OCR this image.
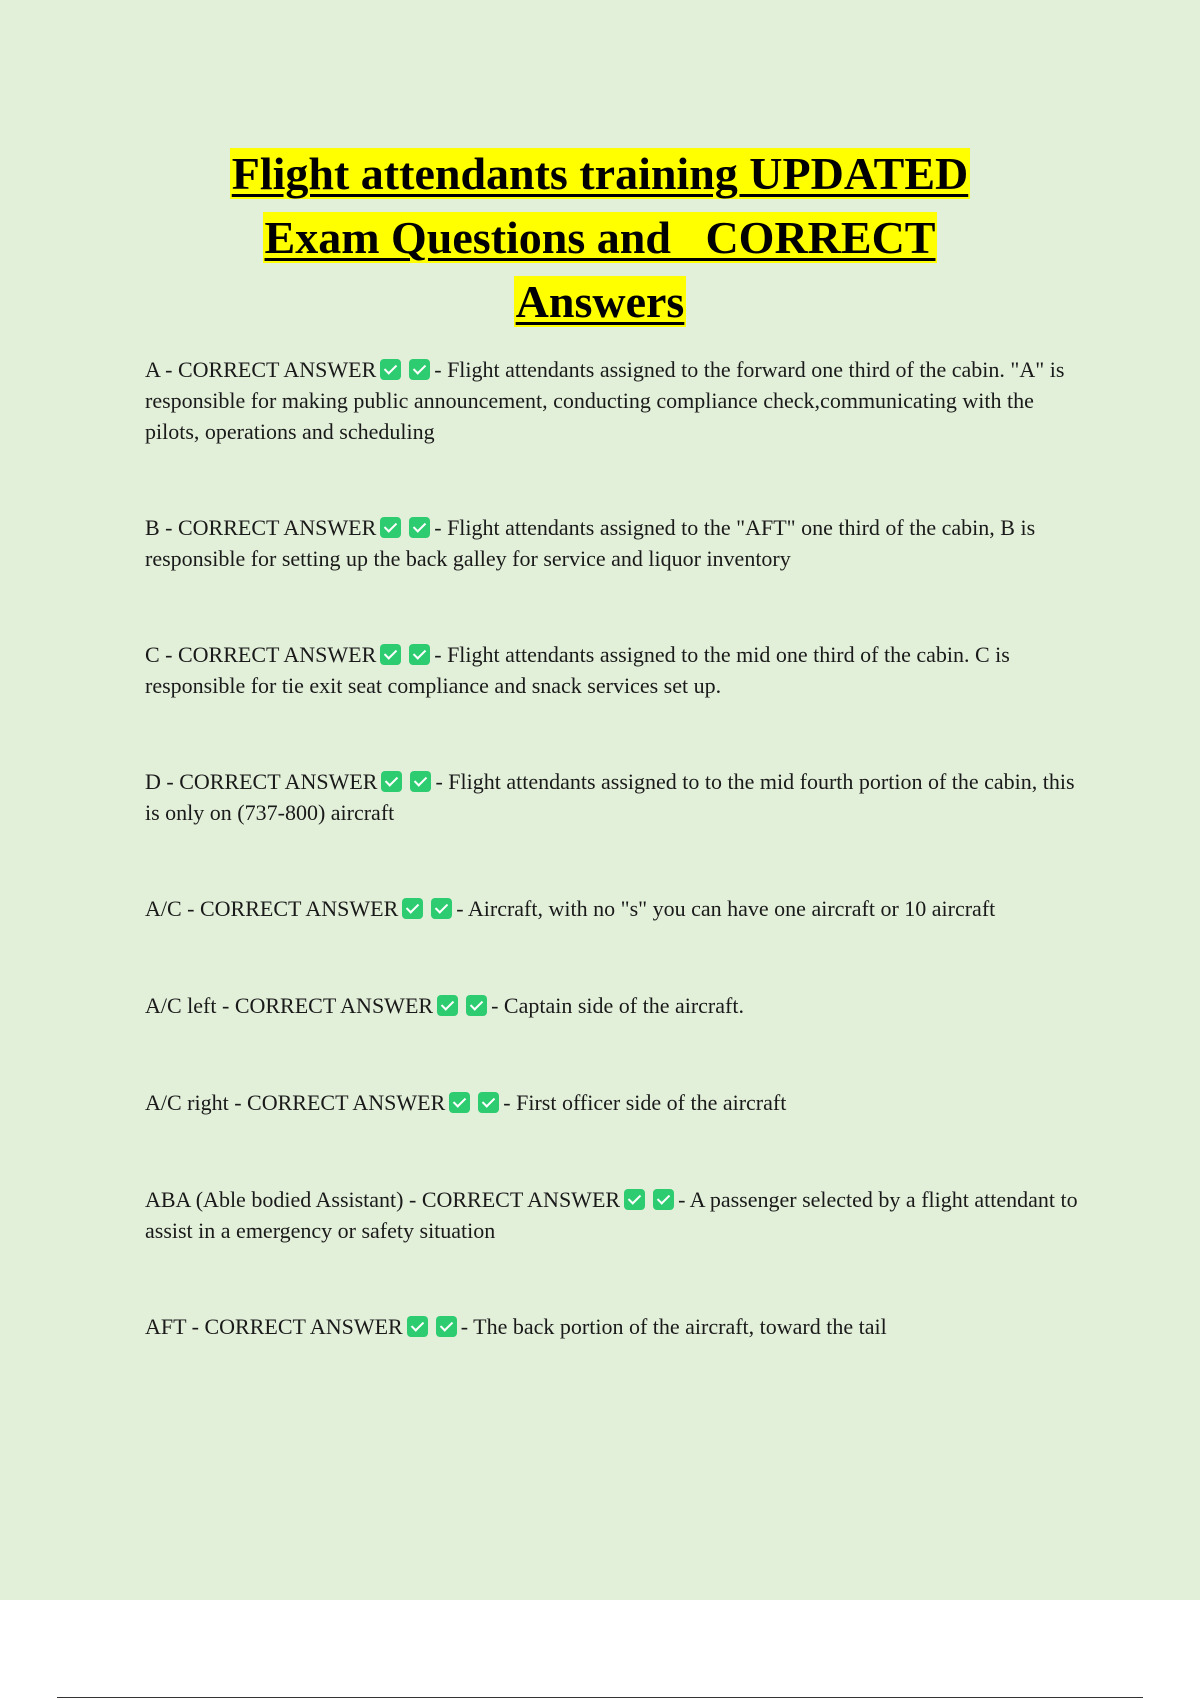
Flight attendants training UPDATED
Exam Questions and   CORRECT
Answers

A - CORRECT ANSWER	- Flight attendants assigned to the forward one third of the cabin. "A" is responsible for making public announcement, conducting compliance check,communicating with the pilots, operations and scheduling

B - CORRECT ANSWER	- Flight attendants assigned to the "AFT" one third of the cabin, B is responsible for setting up the back galley for service and liquor inventory

C - CORRECT ANSWER	- Flight attendants assigned to the mid one third of the cabin. C is responsible for tie exit seat compliance and snack services set up.

D - CORRECT ANSWER	- Flight attendants assigned to to the mid fourth portion of the cabin, this is only on (737-800) aircraft

A/C - CORRECT ANSWER	- Aircraft, with no "s" you can have one aircraft or 10 aircraft

A/C left - CORRECT ANSWER	- Captain side of the aircraft.

A/C right - CORRECT ANSWER	- First officer side of the aircraft

ABA (Able bodied Assistant) - CORRECT ANSWER	- A passenger selected by a flight attendant to assist in a emergency or safety situation

AFT - CORRECT ANSWER	- The back portion of the aircraft, toward the tail
